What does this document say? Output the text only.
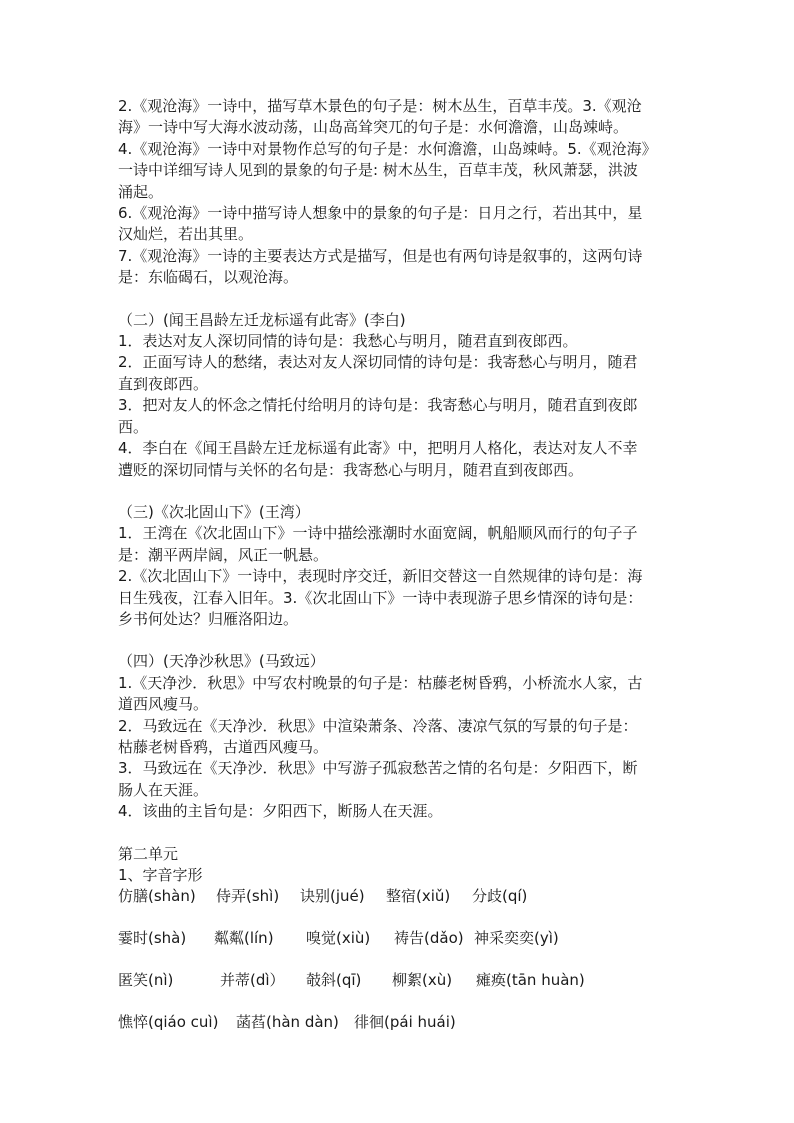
2.《观沧海》一诗中，描写草木景色的句子是：树木丛生，百草丰茂。3.《观沧

海》一诗中写大海水波动荡，山岛高耸突兀的句子是：水何澹澹，山岛竦峙。

4.《观沧海》一诗中对景物作总写的句子是：水何澹澹，山岛竦峙。5.《观沧海》

一诗中详细写诗人见到的景象的句子是: 树木丛生，百草丰茂，秋风萧瑟，洪波

涌起。

6.《观沧海》一诗中描写诗人想象中的景象的句子是：日月之行，若出其中，星

汉灿烂，若出其里。

7.《观沧海》一诗的主要表达方式是描写，但是也有两句诗是叙事的，这两句诗

是：东临碣石，以观沧海。

（二）(闻王昌龄左迁龙标遥有此寄》(李白)

1．表达对友人深切同情的诗句是：我愁心与明月，随君直到夜郎西。

2．正面写诗人的愁绪，表达对友人深切同情的诗句是：我寄愁心与明月，随君

直到夜郎西。

3．把对友人的怀念之情托付给明月的诗句是：我寄愁心与明月，随君直到夜郎

西。

4．李白在《闻王昌龄左迁龙标遥有此寄》中，把明月人格化，表达对友人不幸

遭贬的深切同情与关怀的名句是：我寄愁心与明月，随君直到夜郎西。

（三)《次北固山下》(王湾）

1．王湾在《次北固山下》一诗中描绘涨潮时水面宽阔，帆船顺风而行的句子子

是：潮平两岸阔，风正一帆悬。

2.《次北固山下》一诗中，表现时序交迁，新旧交替这一自然规律的诗句是：海

日生残夜，江春入旧年。3.《次北固山下》一诗中表现游子思乡情深的诗句是：

乡书何处达？归雁洛阳边。

（四）(天净沙秋思》(马致远）

1.《天净沙．秋思》中写农村晚景的句子是：枯藤老树昏鸦，小桥流水人家，古

道西风瘦马。

2．马致远在《天净沙．秋思》中渲染萧条、冷落、凄凉气氛的写景的句子是：

枯藤老树昏鸦，古道西风瘦马。

3．马致远在《天净沙．秋思》中写游子孤寂愁苦之情的名句是：夕阳西下，断

肠人在天涯。

4．该曲的主旨句是：夕阳西下，断肠人在天涯。

第二单元

1、字音字形

仿膳(shàn)	侍弄(shì)	诀别(jué)	整宿(xiǔ)	分歧(qí)
霎时(shà)	粼粼(lín)	嗅觉(xiù)	祷告(dǎo) 神采奕奕(yì)
匿笑(nì)	并蒂(dì）	攲斜(qī)	柳絮(xù)	瘫痪(tān huàn)
憔悴(qiáo cuì)	菡萏(hàn dàn)	徘徊(pái huái)
